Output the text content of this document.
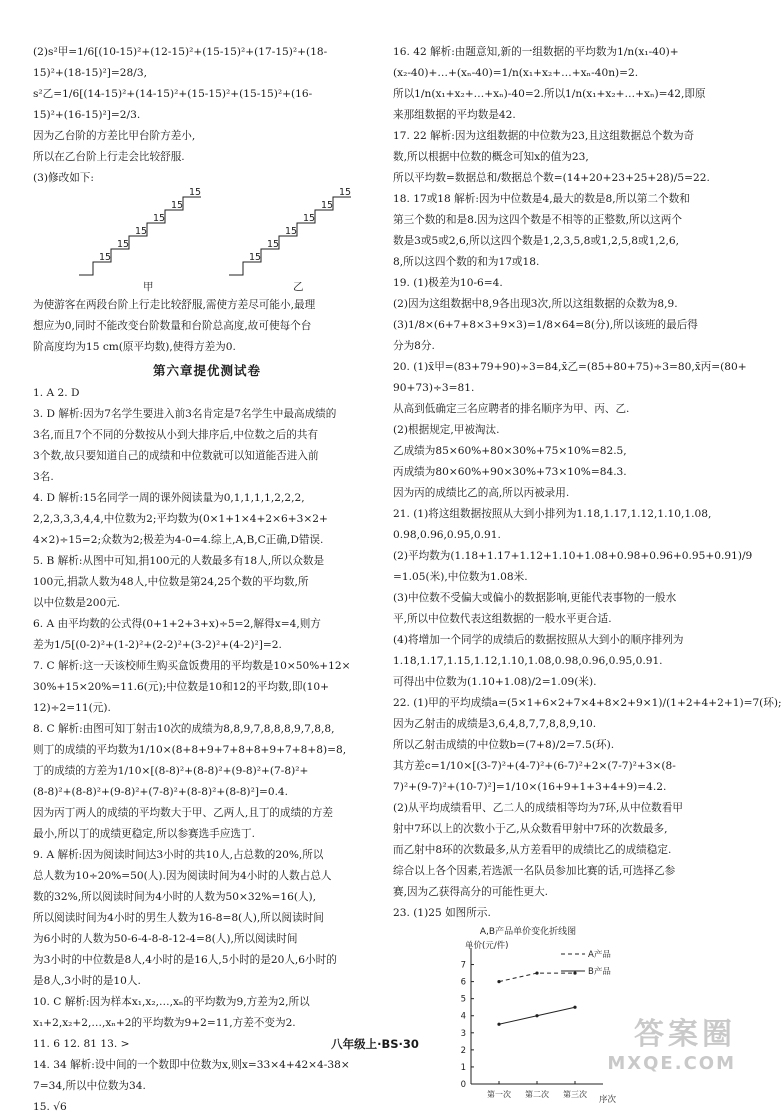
(2)s²甲=1/6[(10-15)²+(12-15)²+(15-15)²+(17-15)²+(18-
15)²+(18-15)²]=28/3,
s²乙=1/6[(14-15)²+(14-15)²+(15-15)²+(15-15)²+(16-
15)²+(16-15)²]=2/3.
因为乙台阶的方差比甲台阶方差小,
所以在乙台阶上行走会比较舒服.
(3)修改如下:
15
15
15
15
15
15
15
15
15
15
15
15
甲	乙
为使游客在两段台阶上行走比较舒服,需使方差尽可能小,最理
想应为0,同时不能改变台阶数量和台阶总高度,故可使每个台
阶高度均为15 cm(原平均数),使得方差为0.
第六章提优测试卷
1. A 2. D
3. D 解析:因为7名学生要进入前3名肯定是7名学生中最高成绩的
3名,而且7个不同的分数按从小到大排序后,中位数之后的共有
3个数,故只要知道自己的成绩和中位数就可以知道能否进入前
3名.
4. D 解析:15名同学一周的课外阅读量为0,1,1,1,1,2,2,2,
2,2,3,3,3,4,4,中位数为2;平均数为(0×1+1×4+2×6+3×2+
4×2)÷15=2;众数为2;极差为4-0=4.综上,A,B,C正确,D错误.
5. B 解析:从图中可知,捐100元的人数最多有18人,所以众数是
100元,捐款人数为48人,中位数是第24,25个数的平均数,所
以中位数是200元.
6. A 由平均数的公式得(0+1+2+3+x)÷5=2,解得x=4,则方
差为1/5[(0-2)²+(1-2)²+(2-2)²+(3-2)²+(4-2)²]=2.
7. C 解析:这一天该校师生购买盒饭费用的平均数是10×50%+12×
30%+15×20%=11.6(元);中位数是10和12的平均数,即(10+
12)÷2=11(元).
8. C 解析:由图可知丁射击10次的成绩为8,8,9,7,8,8,8,9,7,8,8,
则丁的成绩的平均数为1/10×(8+8+9+7+8+8+9+7+8+8)=8,
丁的成绩的方差为1/10×[(8-8)²+(8-8)²+(9-8)²+(7-8)²+
(8-8)²+(8-8)²+(9-8)²+(7-8)²+(8-8)²+(8-8)²]=0.4.
因为丙丁两人的成绩的平均数大于甲、乙两人,且丁的成绩的方差
最小,所以丁的成绩更稳定,所以参赛选手应选丁.
9. A 解析:因为阅读时间达3小时的共10人,占总数的20%,所以
总人数为10÷20%=50(人).因为阅读时间为4小时的人数占总人
数的32%,所以阅读时间为4小时的人数为50×32%=16(人),
所以阅读时间为4小时的男生人数为16-8=8(人),所以阅读时间
为6小时的人数为50-6-4-8-8-12-4=8(人),所以阅读时间
为3小时的中位数是8人,4小时的是16人,5小时的是20人,6小时的
是8人,3小时的是10人.
10. C 解析:因为样本x₁,x₂,…,xₙ的平均数为9,方差为2,所以
x₁+2,x₂+2,…,xₙ+2的平均数为9+2=11,方差不变为2.
11. 6 12. 81 13. >
14. 34 解析:设中间的一个数即中位数为x,则x=33×4+42×4-38×
7=34,所以中位数为34.
15. √6
16. 42 解析:由题意知,新的一组数据的平均数为1/n(x₁-40)+
(x₂-40)+…+(xₙ-40)=1/n(x₁+x₂+…+xₙ-40n)=2.
所以1/n(x₁+x₂+…+xₙ)-40=2.所以1/n(x₁+x₂+…+xₙ)=42,即原
来那组数据的平均数是42.
17. 22 解析:因为这组数据的中位数为23,且这组数据总个数为奇
数,所以根据中位数的概念可知x的值为23,
所以平均数=数据总和/数据总个数=(14+20+23+25+28)/5=22.
18. 17或18 解析:因为中位数是4,最大的数是8,所以第二个数和
第三个数的和是8.因为这四个数是不相等的正整数,所以这两个
数是3或5或2,6,所以这四个数是1,2,3,5,8或1,2,5,8或1,2,6,
8,所以这四个数的和为17或18.
19. (1)极差为10-6=4.
(2)因为这组数据中8,9各出现3次,所以这组数据的众数为8,9.
(3)1/8×(6+7+8×3+9×3)=1/8×64=8(分),所以该班的最后得
分为8分.
20. (1)x̄甲=(83+79+90)÷3=84,x̄乙=(85+80+75)÷3=80,x̄丙=(80+
90+73)÷3=81.
从高到低确定三名应聘者的排名顺序为甲、丙、乙.
(2)根据规定,甲被淘汰.
乙成绩为85×60%+80×30%+75×10%=82.5,
丙成绩为80×60%+90×30%+73×10%=84.3.
因为丙的成绩比乙的高,所以丙被录用.
21. (1)将这组数据按照从大到小排列为1.18,1.17,1.12,1.10,1.08,
0.98,0.96,0.95,0.91.
(2)平均数为(1.18+1.17+1.12+1.10+1.08+0.98+0.96+0.95+0.91)/9
=1.05(米),中位数为1.08米.
(3)中位数不受偏大或偏小的数据影响,更能代表事物的一般水
平,所以中位数代表这组数据的一般水平更合适.
(4)将增加一个同学的成绩后的数据按照从大到小的顺序排列为
1.18,1.17,1.15,1.12,1.10,1.08,0.98,0.96,0.95,0.91.
可得出中位数为(1.10+1.08)/2=1.09(米).
22. (1)甲的平均成绩a=(5×1+6×2+7×4+8×2+9×1)/(1+2+4+2+1)=7(环);
因为乙射击的成绩是3,6,4,8,7,7,8,8,9,10.
所以乙射击成绩的中位数b=(7+8)/2=7.5(环).
其方差c=1/10×[(3-7)²+(4-7)²+(6-7)²+2×(7-7)²+3×(8-
7)²+(9-7)²+(10-7)²]=1/10×(16+9+1+3+4+9)=4.2.
(2)从平均成绩看甲、乙二人的成绩相等均为7环,从中位数看甲
射中7环以上的次数小于乙,从众数看甲射中7环的次数最多,
而乙射中8环的次数最多,从方差看甲的成绩比乙的成绩稳定.
综合以上各个因素,若选派一名队员参加比赛的话,可选择乙参
赛,因为乙获得高分的可能性更大.
23. (1)25 如图所示.
A,B产品单价变化折线图
单价(元/件)
0
1
2
3
4
5
6
7
第一次 第二次 第三次
序次
A产品
B产品
八年级上·BS·30	答案圈
MXQE.COM
